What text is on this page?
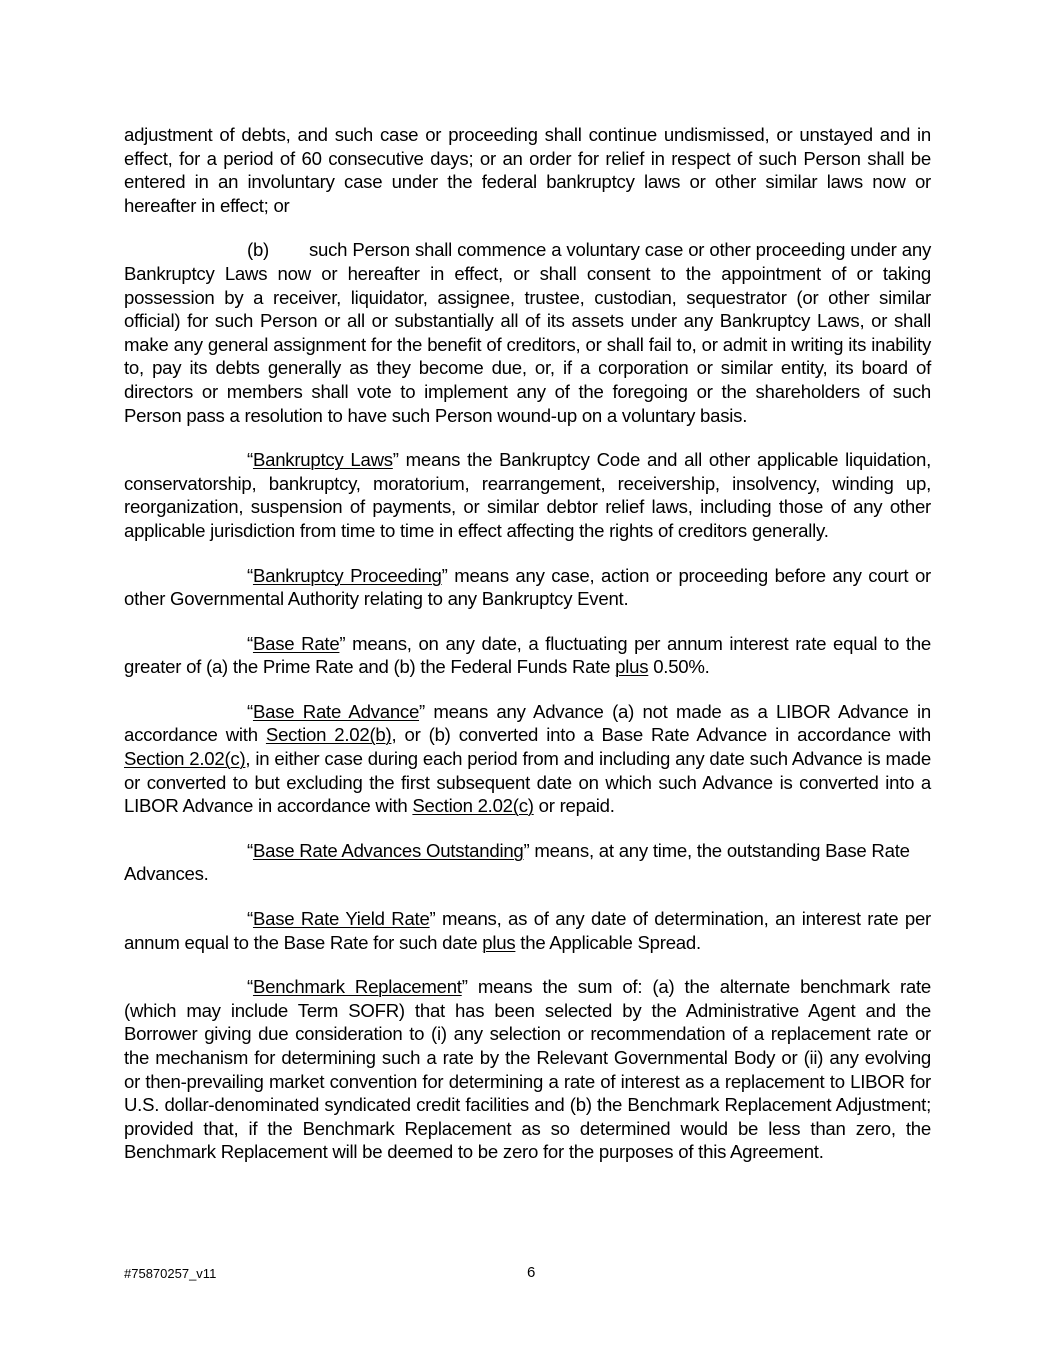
adjustment of debts, and such case or proceeding shall continue undismissed, or unstayed and in effect, for a period of 60 consecutive days; or an order for relief in respect of such Person shall be entered in an involuntary case under the federal bankruptcy laws or other similar laws now or hereafter in effect; or

(b) such Person shall commence a voluntary case or other proceeding under any Bankruptcy Laws now or hereafter in effect, or shall consent to the appointment of or taking possession by a receiver, liquidator, assignee, trustee, custodian, sequestrator (or other similar official) for such Person or all or substantially all of its assets under any Bankruptcy Laws, or shall make any general assignment for the benefit of creditors, or shall fail to, or admit in writing its inability to, pay its debts generally as they become due, or, if a corporation or similar entity, its board of directors or members shall vote to implement any of the foregoing or the shareholders of such Person pass a resolution to have such Person wound-up on a voluntary basis.

“Bankruptcy Laws” means the Bankruptcy Code and all other applicable liquidation, conservatorship, bankruptcy, moratorium, rearrangement, receivership, insolvency, winding up, reorganization, suspension of payments, or similar debtor relief laws, including those of any other applicable jurisdiction from time to time in effect affecting the rights of creditors generally.

“Bankruptcy Proceeding” means any case, action or proceeding before any court or other Governmental Authority relating to any Bankruptcy Event.

“Base Rate” means, on any date, a fluctuating per annum interest rate equal to the greater of (a) the Prime Rate and (b) the Federal Funds Rate plus 0.50%.

“Base Rate Advance” means any Advance (a) not made as a LIBOR Advance in accordance with Section 2.02(b), or (b) converted into a Base Rate Advance in accordance with Section 2.02(c), in either case during each period from and including any date such Advance is made or converted to but excluding the first subsequent date on which such Advance is converted into a LIBOR Advance in accordance with Section 2.02(c) or repaid.

“Base Rate Advances Outstanding” means, at any time, the outstanding Base Rate
Advances.

“Base Rate Yield Rate” means, as of any date of determination, an interest rate per annum equal to the Base Rate for such date plus the Applicable Spread.

“Benchmark Replacement” means the sum of: (a) the alternate benchmark rate (which may include Term SOFR) that has been selected by the Administrative Agent and the Borrower giving due consideration to (i) any selection or recommendation of a replacement rate or the mechanism for determining such a rate by the Relevant Governmental Body or (ii) any evolving or then-prevailing market convention for determining a rate of interest as a replacement to LIBOR for U.S. dollar-denominated syndicated credit facilities and (b) the Benchmark Replacement Adjustment; provided that, if the Benchmark Replacement as so determined would be less than zero, the Benchmark Replacement will be deemed to be zero for the purposes of this Agreement.

#75870257_v11	6
